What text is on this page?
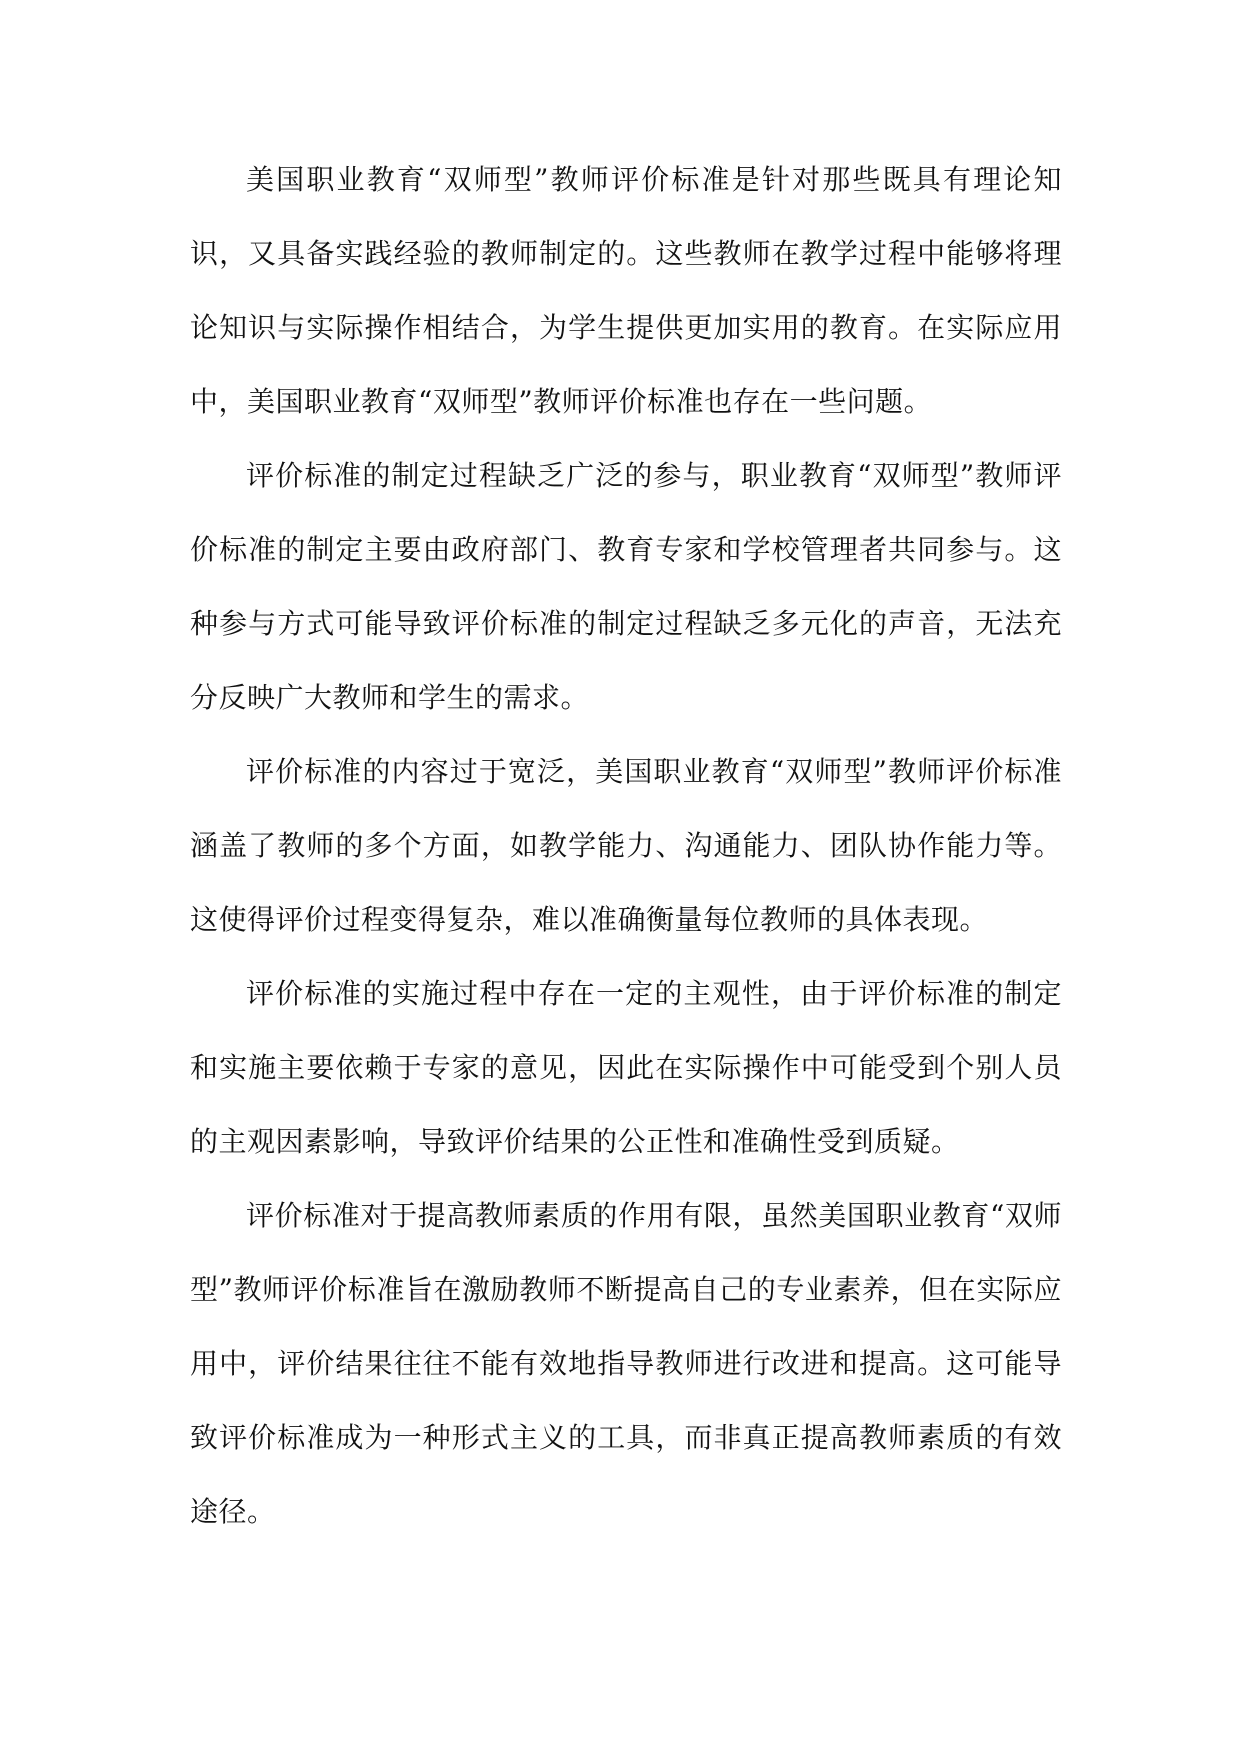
美国职业教育“双师型”教师评价标准是针对那些既具有理论知识，又具备实践经验的教师制定的。这些教师在教学过程中能够将理论知识与实际操作相结合，为学生提供更加实用的教育。在实际应用中，美国职业教育“双师型”教师评价标准也存在一些问题。

评价标准的制定过程缺乏广泛的参与，职业教育“双师型”教师评价标准的制定主要由政府部门、教育专家和学校管理者共同参与。这种参与方式可能导致评价标准的制定过程缺乏多元化的声音，无法充分反映广大教师和学生的需求。

评价标准的内容过于宽泛，美国职业教育“双师型”教师评价标准涵盖了教师的多个方面，如教学能力、沟通能力、团队协作能力等。这使得评价过程变得复杂，难以准确衡量每位教师的具体表现。

评价标准的实施过程中存在一定的主观性，由于评价标准的制定和实施主要依赖于专家的意见，因此在实际操作中可能受到个别人员的主观因素影响，导致评价结果的公正性和准确性受到质疑。

评价标准对于提高教师素质的作用有限，虽然美国职业教育“双师型”教师评价标准旨在激励教师不断提高自己的专业素养，但在实际应用中，评价结果往往不能有效地指导教师进行改进和提高。这可能导致评价标准成为一种形式主义的工具，而非真正提高教师素质的有效途径。
